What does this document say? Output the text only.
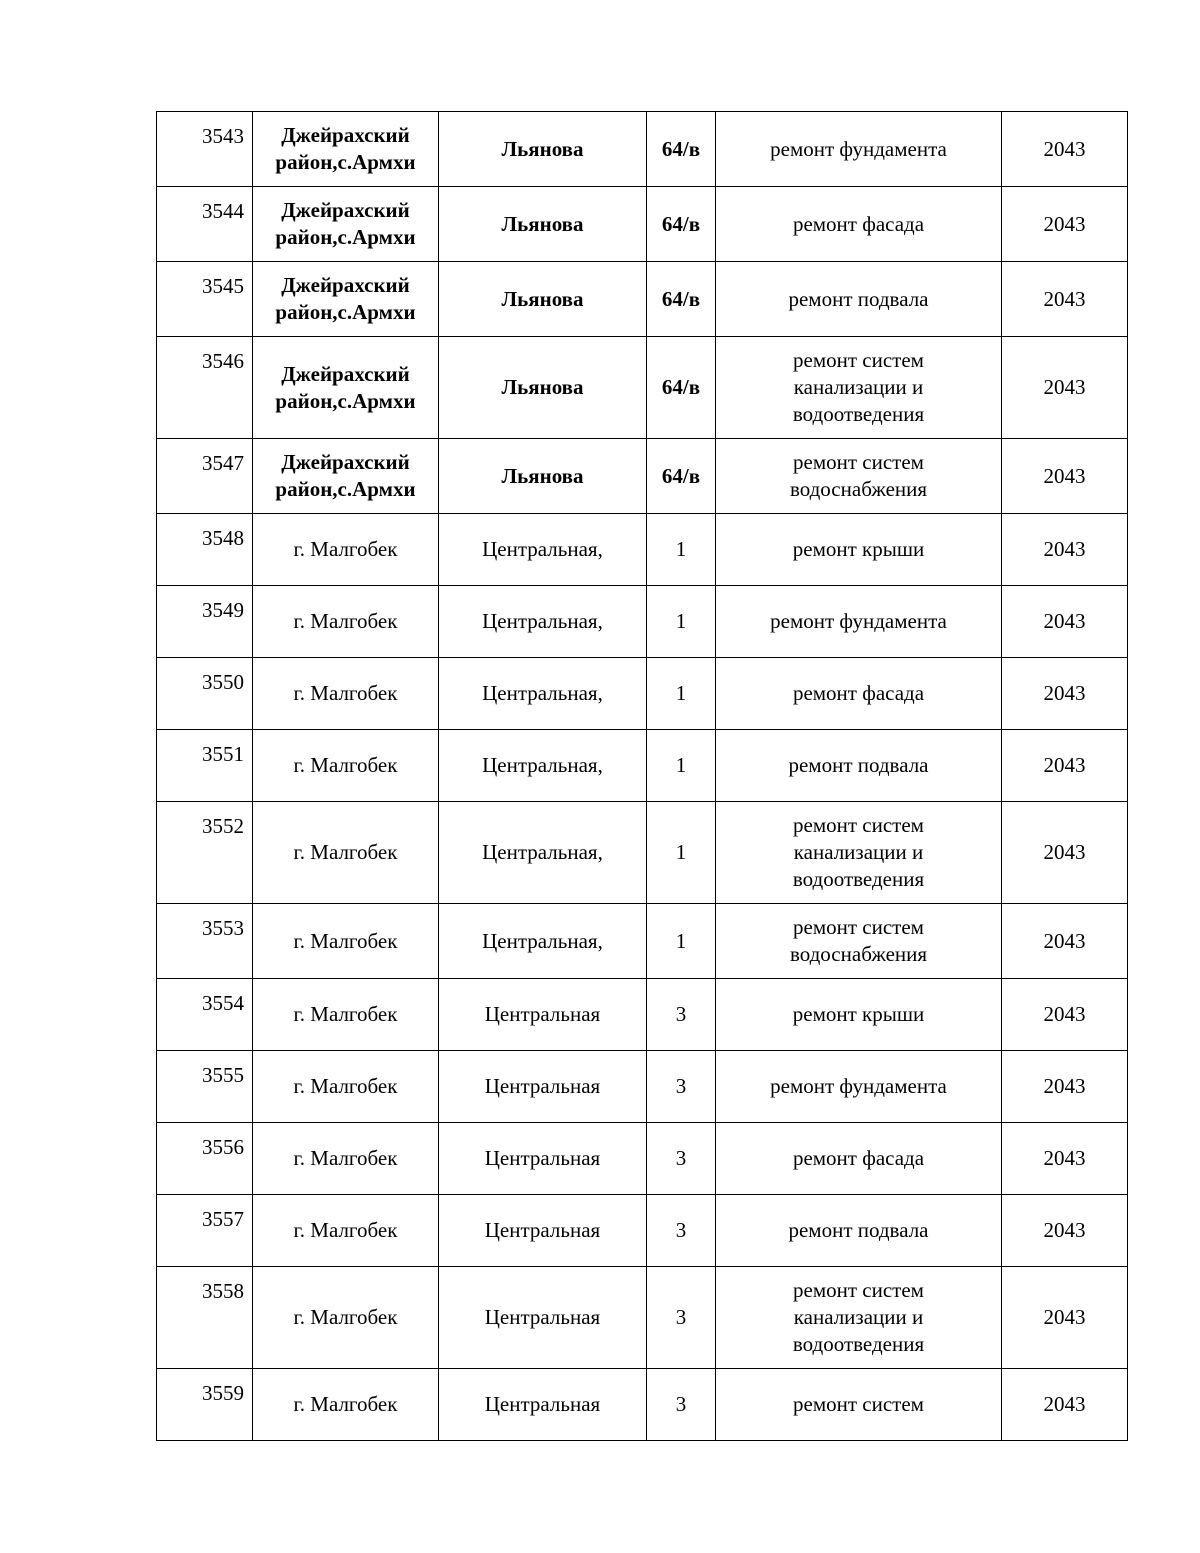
3543	Джейрахский
район,с.Армхи	Льянова	64/в	ремонт фундамента	2043
3544	Джейрахский
район,с.Армхи	Льянова	64/в	ремонт фасада	2043
3545	Джейрахский
район,с.Армхи	Льянова	64/в	ремонт подвала	2043
3546	Джейрахский
район,с.Армхи	Льянова	64/в	ремонт систем
канализации и
водоотведения	2043
3547	Джейрахский
район,с.Армхи	Льянова	64/в	ремонт систем
водоснабжения	2043
3548	г. Малгобек	Центральная,	1	ремонт крыши	2043
3549	г. Малгобек	Центральная,	1	ремонт фундамента	2043
3550	г. Малгобек	Центральная,	1	ремонт фасада	2043
3551	г. Малгобек	Центральная,	1	ремонт подвала	2043
3552	г. Малгобек	Центральная,	1	ремонт систем
канализации и
водоотведения	2043
3553	г. Малгобек	Центральная,	1	ремонт систем
водоснабжения	2043
3554	г. Малгобек	Центральная	3	ремонт крыши	2043
3555	г. Малгобек	Центральная	3	ремонт фундамента	2043
3556	г. Малгобек	Центральная	3	ремонт фасада	2043
3557	г. Малгобек	Центральная	3	ремонт подвала	2043
3558	г. Малгобек	Центральная	3	ремонт систем
канализации и
водоотведения	2043
3559	г. Малгобек	Центральная	3	ремонт систем	2043
